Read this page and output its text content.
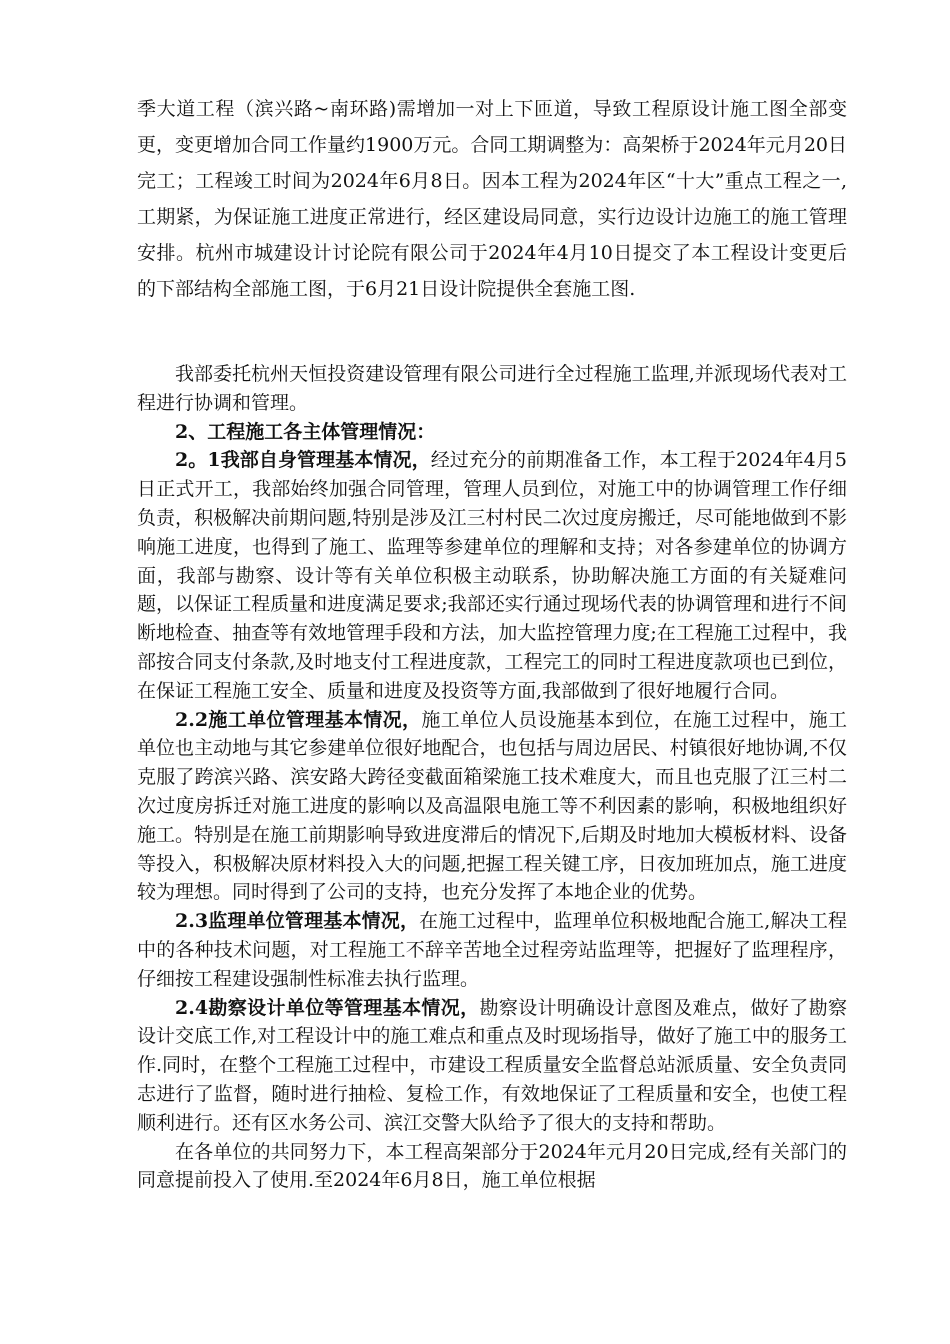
季大道工程（滨兴路~南环路)需增加一对上下匝道，导致工程原设计施工图全部变更，变更增加合同工作量约1900万元。合同工期调整为：高架桥于2024年元月20日完工；工程竣工时间为2024年6月8日。因本工程为2024年区“十大”重点工程之一,工期紧，为保证施工进度正常进行，经区建设局同意，实行边设计边施工的施工管理安排。杭州市城建设计讨论院有限公司于2024年4月10日提交了本工程设计变更后的下部结构全部施工图，于6月21日设计院提供全套施工图.

我部委托杭州天恒投资建设管理有限公司进行全过程施工监理,并派现场代表对工程进行协调和管理。

2、工程施工各主体管理情况：

2。1我部自身管理基本情况，经过充分的前期准备工作，本工程于2024年4月5日正式开工，我部始终加强合同管理，管理人员到位，对施工中的协调管理工作仔细负责，积极解决前期问题,特别是涉及江三村村民二次过度房搬迁，尽可能地做到不影响施工进度，也得到了施工、监理等参建单位的理解和支持；对各参建单位的协调方面，我部与勘察、设计等有关单位积极主动联系，协助解决施工方面的有关疑难问题，以保证工程质量和进度满足要求;我部还实行通过现场代表的协调管理和进行不间断地检查、抽查等有效地管理手段和方法，加大监控管理力度;在工程施工过程中，我部按合同支付条款,及时地支付工程进度款，工程完工的同时工程进度款项也已到位，在保证工程施工安全、质量和进度及投资等方面,我部做到了很好地履行合同。

2.2施工单位管理基本情况，施工单位人员设施基本到位，在施工过程中，施工单位也主动地与其它参建单位很好地配合，也包括与周边居民、村镇很好地协调,不仅克服了跨滨兴路、滨安路大跨径变截面箱梁施工技术难度大，而且也克服了江三村二次过度房拆迁对施工进度的影响以及高温限电施工等不利因素的影响，积极地组织好施工。特别是在施工前期影响导致进度滞后的情况下,后期及时地加大模板材料、设备等投入，积极解决原材料投入大的问题,把握工程关键工序，日夜加班加点，施工进度较为理想。同时得到了公司的支持，也充分发挥了本地企业的优势。

2.3监理单位管理基本情况，在施工过程中，监理单位积极地配合施工,解决工程中的各种技术问题，对工程施工不辞辛苦地全过程旁站监理等，把握好了监理程序，仔细按工程建设强制性标准去执行监理。

2.4勘察设计单位等管理基本情况，勘察设计明确设计意图及难点，做好了勘察设计交底工作,对工程设计中的施工难点和重点及时现场指导，做好了施工中的服务工作.同时，在整个工程施工过程中，市建设工程质量安全监督总站派质量、安全负责同志进行了监督，随时进行抽检、复检工作，有效地保证了工程质量和安全，也使工程顺利进行。还有区水务公司、滨江交警大队给予了很大的支持和帮助。

在各单位的共同努力下，本工程高架部分于2024年元月20日完成,经有关部门的同意提前投入了使用.至2024年6月8日，施工单位根据
